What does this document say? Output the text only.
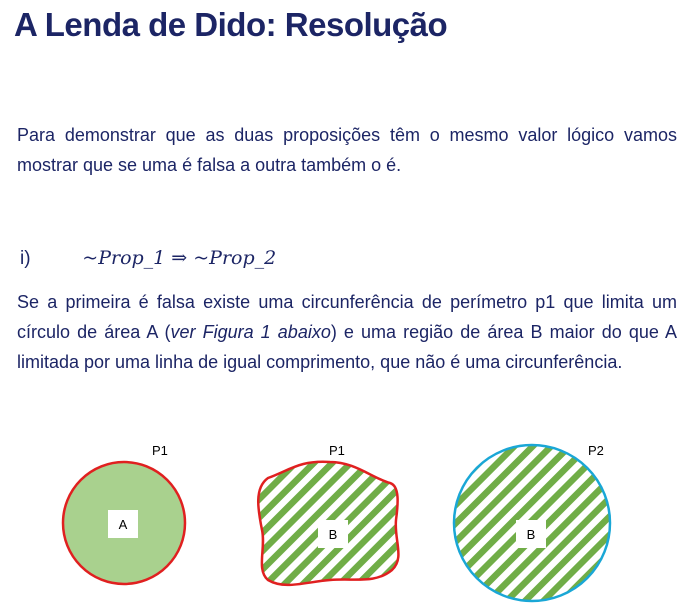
A Lenda de Dido: Resolução
Para demonstrar que as duas proposições têm o mesmo valor lógico vamos mostrar que se uma é falsa a outra também o é.
i)	~Prop_1 ⇒ ~Prop_2
Se a primeira é falsa existe uma circunferência de perímetro p1 que limita um círculo de área A (ver Figura 1 abaixo) e uma região de área B maior do que A limitada por uma linha de igual comprimento, que não é uma circunferência.
P1	P1	P2
A
B	B
